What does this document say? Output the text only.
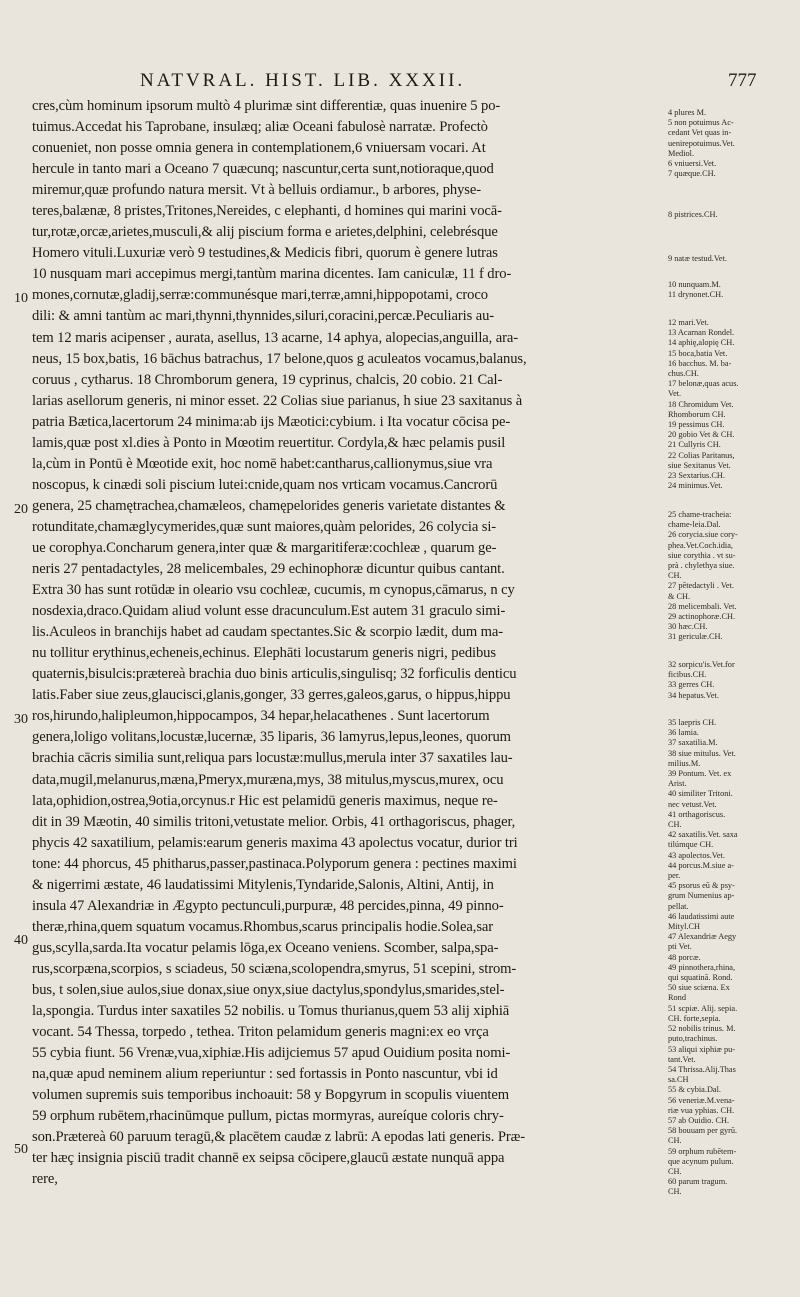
NATVRAL. HIST. LIB. XXXII.	777
10
20
30
40
50
cres,cùm hominum ipsorum multò 4 plurimæ sint differentiæ, quas inuenire 5 po-
tuimus.Accedat his Taprobane, insulæq; aliæ Oceani fabulosè narratæ. Profectò
conueniet, non posse omnia genera in contemplationem,6 vniuersam vocari. At
hercule in tanto mari a Oceano 7 quæcunq; nascuntur,certa sunt,notioraque,quod
miremur,quæ profundo natura mersit. Vt à belluis ordiamur., b arbores, physe-
teres,balænæ, 8 pristes,Tritones,Nereides, c elephanti, d homines qui marini vocā-
tur,rotæ,orcæ,arietes,musculi,& alij piscium forma e arietes,delphini, celebrésque
Homero vituli.Luxuriæ verò 9 testudines,& Medicis fibri, quorum è genere lutras
10 nusquam mari accepimus mergi,tantùm marina dicentes. Iam caniculæ, 11 f dro-
mones,cornutæ,gladij,serræ:communésque mari,terræ,amni,hippopotami, croco
dili: & amni tantùm ac mari,thynni,thynnides,siluri,coracini,percæ.Peculiaris au-
tem 12 maris acipenser , aurata, asellus, 13 acarne, 14 aphya, alopecias,anguilla, ara-
neus, 15 box,batis, 16 bāchus batrachus, 17 belone,quos g aculeatos vocamus,balanus,
coruus , cytharus. 18 Chromborum genera, 19 cyprinus, chalcis, 20 cobio. 21 Cal-
larias asellorum generis, ni minor esset. 22 Colias siue parianus, h siue 23 saxitanus à
patria Bætica,lacertorum 24 minima:ab ijs Mæotici:cybium. i Ita vocatur cōcisa pe-
lamis,quæ post xl.dies à Ponto in Mœotim reuertitur. Cordyla,& hæc pelamis pusil
la,cùm in Pontū è Mœotide exit, hoc nomē habet:cantharus,callionymus,siue vra
noscopus, k cinædi soli piscium lutei:cnide,quam nos vrticam vocamus.Cancrorū
genera, 25 chamętrachea,chamæleos, chamępelorides generis varietate distantes &
rotunditate,chamæglycymerides,quæ sunt maiores,quàm pelorides, 26 colycia si-
ue corophya.Concharum genera,inter quæ & margaritiferæ:cochleæ , quarum ge-
neris 27 pentadactyles, 28 melicembales, 29 echinophoræ dicuntur quibus cantant.
Extra 30 has sunt rotūdæ in oleario vsu cochleæ, cucumis, m cynopus,cāmarus, n cy
nosdexia,draco.Quidam aliud volunt esse dracunculum.Est autem 31 graculo simi-
lis.Aculeos in branchijs habet ad caudam spectantes.Sic & scorpio lædit, dum ma-
nu tollitur erythinus,echeneis,echinus. Elephāti locustarum generis nigri, pedibus
quaternis,bisulcis:prætereà brachia duo binis articulis,singulisq; 32 forficulis denticu
latis.Faber siue zeus,glaucisci,glanis,gonger, 33 gerres,galeos,garus, o hippus,hippu
ros,hirundo,halipleumon,hippocampos, 34 hepar,helacathenes . Sunt lacertorum
genera,loligo volitans,locustæ,lucernæ, 35 liparis, 36 lamyrus,lepus,leones, quorum
brachia cācris similia sunt,reliqua pars locustæ:mullus,merula inter 37 saxatiles lau-
data,mugil,melanurus,mæna,Pmeryx,muræna,mys, 38 mitulus,myscus,murex, ocu
lata,ophidion,ostrea,9otia,orcynus.r Hic est pelamidū generis maximus, neque re-
dit in 39 Mæotin, 40 similis tritoni,vetustate melior. Orbis, 41 orthagoriscus, phager,
phycis 42 saxatilium, pelamis:earum generis maxima 43 apolectus vocatur, durior tri
tone: 44 phorcus, 45 phitharus,passer,pastinaca.Polyporum genera : pectines maximi
& nigerrimi æstate, 46 laudatissimi Mitylenis,Tyndaride,Salonis, Altini, Antij, in
insula 47 Alexandriæ in Ægypto pectunculi,purpuræ, 48 percides,pinna, 49 pinno-
theræ,rhina,quem squatum vocamus.Rhombus,scarus principalis hodie.Solea,sar
gus,scylla,sarda.Ita vocatur pelamis lōga,ex Oceano veniens. Scomber, salpa,spa-
rus,scorpæna,scorpios, s sciadeus, 50 sciæna,scolopendra,smyrus, 51 scepini, strom-
bus, t solen,siue aulos,siue donax,siue onyx,siue dactylus,spondylus,smarides,stel-
la,spongia. Turdus inter saxatiles 52 nobilis. u Tomus thurianus,quem 53 alij xiphiā
vocant. 54 Thessa, torpedo , tethea. Triton pelamidum generis magni:ex eo vrça
55 cybia fiunt. 56 Vrenæ,vua,xiphiæ.His adijciemus 57 apud Ouidium posita nomi-
na,quæ apud neminem alium reperiuntur : sed fortassis in Ponto nascuntur, vbi id
volumen supremis suis temporibus inchoauit: 58 y Bopgyrum in scopulis viuentem
59 orphum rubētem,rhacinūmque pullum, pictas mormyras, aureíque coloris chry-
son.Prætereà 60 paruum teragū,& placētem caudæ z labrū: A epodas lati generis. Præ-
ter hæç insignia pisciū tradit channē ex seipsa cōcipere,glaucū æstate nunquā appa
rere,
4 plures M.
5 non potuimus Ac-
cedant Vet quas in-
uenirepotuimus.Vet.
Mediol.
6 vniuersi.Vet.
7 quæque.CH.
8 pistrices.CH.
9 natæ testud.Vet.
10 nunquam.M.
11 drynonet.CH.
12 mari.Vet.
13 Acarnan Rondel.
14 aphię,alopię CH.
15 boca,batia Vet.
16 bacchus. M. ba-
chus.CH.
17 belonæ,quas acus.
Vet.
18 Chromidum Vet.
Rhomborum CH.
19 pessimus CH.
20 gobio Vet & CH.
21 Cullyris CH.
22 Colias Paritanus,
siue Sexitanus Vet.
23 Sextarius.CH.
24 minimus.Vet.
25 chame-tracheia:
chame-leia.Dal.
26 corycia.siue cory-
phea.Vet.Coch.idia,
siue corythia . vt su-
prà . chylethya siue.
CH.
27 pētedactyli . Vet.
& CH.
28 melicembali. Vet.
29 actinophoræ.CH.
30 hæc.CH.
31 gericulæ.CH.
32 sorpicu'is.Vet.for
ficibus.CH.
33 gerres CH.
34 hepatus.Vet.
35 laepris CH.
36 lamia.
37 saxatilia.M.
38 siue mitulus. Vet.
milius.M.
39 Pontum. Vet. ex
Arist.
40 similiter Tritoni.
nec vetust.Vet.
41 orthagoriscus.
CH.
42 saxatilis.Vet. saxa
tilúmque CH.
43 apolectos.Vet.
44 porcus.M.siue a-
per.
45 psorus eū & psy-
grum Numenius ap-
pellat.
46 laudatissimi aute
Mityl.CH
47 Alexandriæ Aegy
pti Vet.
48 porcæ.
49 pinnothera,rhina,
qui squatinā. Rond.
50 siue sciæna. Ex
Rond
51 scpiæ. Alij. sepia.
CH. forte,sepia.
52 nobilis trinus. M.
puto,trachinus.
53 aliqui xiphiæ pu-
tant.Vet.
54 Thrissa.Alij.Thas
sa.CH
55 & cybia.Dal.
56 veneriæ.M.vena-
riæ vua yphias. CH.
57 ab Ouidio. CH.
58 bouuam per gyrū.
CH.
59 orphum rubētem-
que acynum pulum.
CH.
60 parum tragum.
CH.
